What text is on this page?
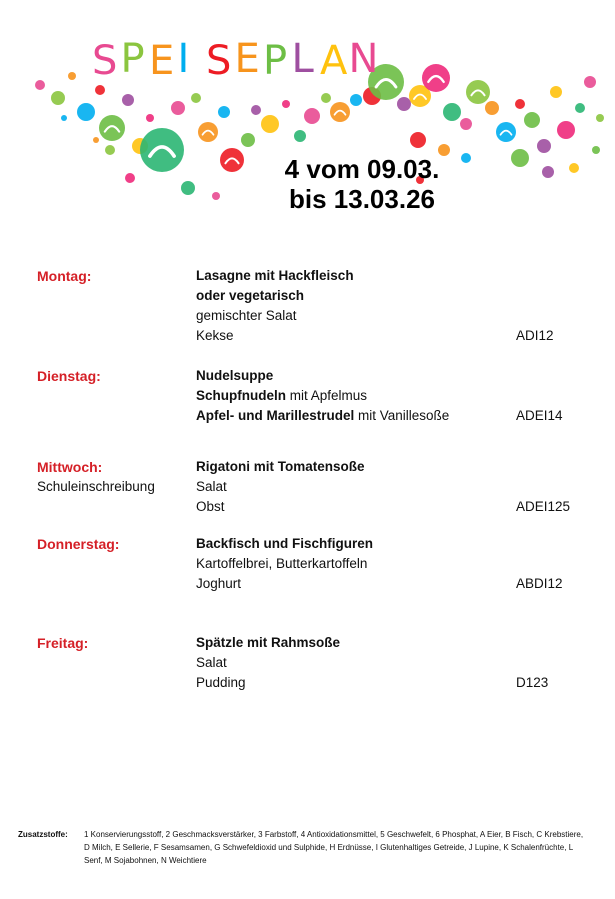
S P E I S E P L A N
4 vom 09.03.
bis 13.03.26
Montag:	Lasagne mit Hackfleisch
oder vegetarisch
gemischter Salat
Kekse	ADI12
Dienstag:	Nudelsuppe
Schupfnudeln mit Apfelmus
Apfel- und Marillestrudel mit Vanillesoße	ADEI14
Mittwoch:
Schuleinschreibung
Rigatoni mit Tomatensoße
Salat
Obst	ADEI125
Donnerstag:	Backfisch und Fischfiguren
Kartoffelbrei, Butterkartoffeln
Joghurt	ABDI12
Freitag:	Spätzle mit Rahmsoße
Salat
Pudding	D123
Zusatzstoffe: 1 Konservierungsstoff, 2 Geschmacksverstärker, 3 Farbstoff, 4 Antioxidationsmittel, 5 Geschwefelt, 6 Phosphat, A Eier, B Fisch, C Krebstiere, D Milch, E Sellerie, F Sesamsamen, G Schwefeldioxid und Sulphide, H Erdnüsse, I Glutenhaltiges Getreide, J Lupine, K Schalenfrüchte, L Senf, M Sojabohnen, N Weichtiere
